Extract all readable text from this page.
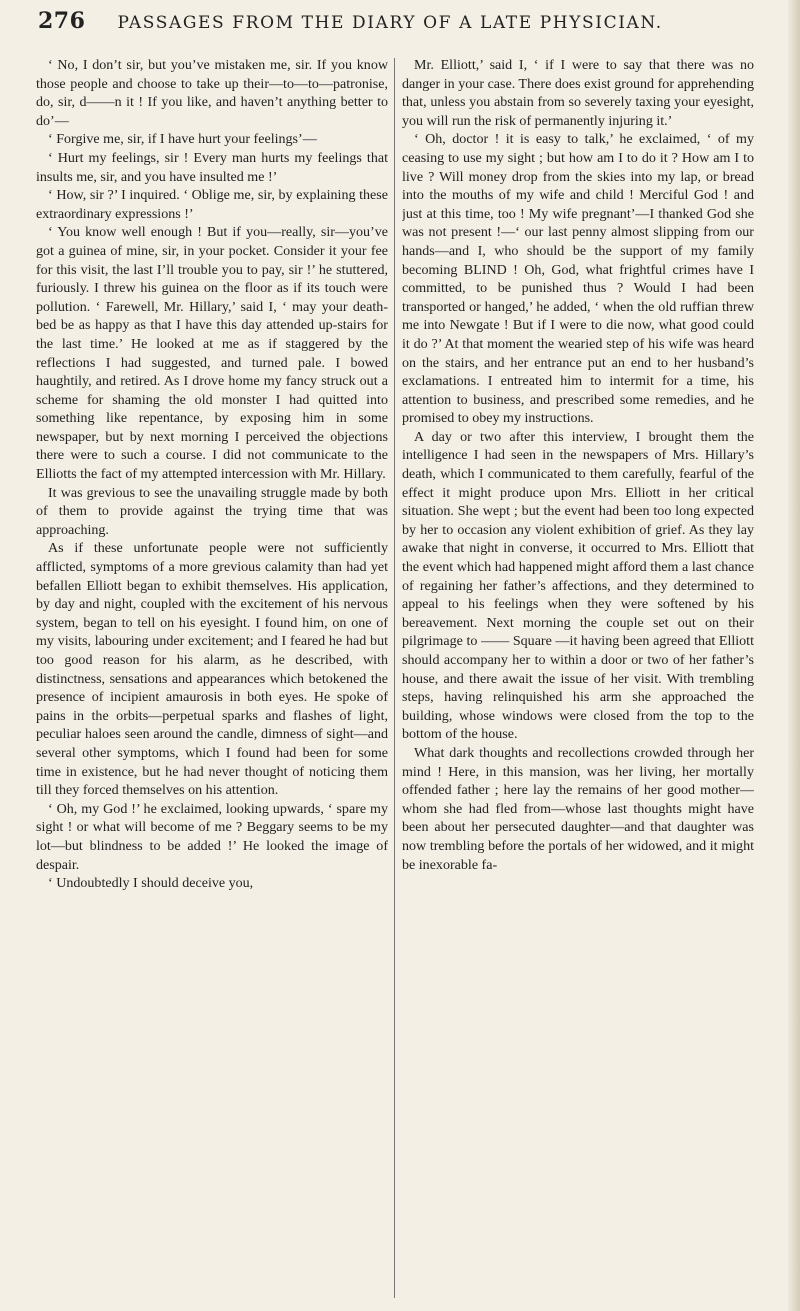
276 PASSAGES FROM THE DIARY OF A LATE PHYSICIAN.

‘ No, I don’t sir, but you’ve mistaken me, sir. If you know those people and choose to take up their—to—to—patronise, do, sir, d——n it ! If you like, and haven’t anything better to do’—

‘ Forgive me, sir, if I have hurt your feelings’—

‘ Hurt my feelings, sir ! Every man hurts my feelings that insults me, sir, and you have insulted me !’

‘ How, sir ?’ I inquired. ‘ Oblige me, sir, by explaining these extraordinary expressions !’

‘ You know well enough ! But if you—really, sir—you’ve got a guinea of mine, sir, in your pocket. Consider it your fee for this visit, the last I’ll trouble you to pay, sir !’ he stuttered, furiously. I threw his guinea on the floor as if its touch were pollution. ‘ Farewell, Mr. Hillary,’ said I, ‘ may your death-bed be as happy as that I have this day attended up-stairs for the last time.’ He looked at me as if staggered by the reflections I had suggested, and turned pale. I bowed haughtily, and retired. As I drove home my fancy struck out a scheme for shaming the old monster I had quitted into something like repentance, by exposing him in some newspaper, but by next morning I perceived the objections there were to such a course. I did not communicate to the Elliotts the fact of my attempted intercession with Mr. Hillary.

It was grevious to see the unavailing struggle made by both of them to provide against the trying time that was approaching.

As if these unfortunate people were not sufficiently afflicted, symptoms of a more grevious calamity than had yet befallen Elliott began to exhibit themselves. His application, by day and night, coupled with the excitement of his nervous system, began to tell on his eyesight. I found him, on one of my visits, labouring under excitement; and I feared he had but too good reason for his alarm, as he described, with distinctness, sensations and appearances which betokened the presence of incipient amaurosis in both eyes. He spoke of pains in the orbits—perpetual sparks and flashes of light, peculiar haloes seen around the candle, dimness of sight—and several other symptoms, which I found had been for some time in existence, but he had never thought of noticing them till they forced themselves on his attention.

‘ Oh, my God !’ he exclaimed, looking upwards, ‘ spare my sight ! or what will become of me ? Beggary seems to be my lot—but blindness to be added !’ He looked the image of despair.

‘ Undoubtedly I should deceive you,

Mr. Elliott,’ said I, ‘ if I were to say that there was no danger in your case. There does exist ground for apprehending that, unless you abstain from so severely taxing your eyesight, you will run the risk of permanently injuring it.’

‘ Oh, doctor ! it is easy to talk,’ he exclaimed, ‘ of my ceasing to use my sight ; but how am I to do it ? How am I to live ? Will money drop from the skies into my lap, or bread into the mouths of my wife and child ! Merciful God ! and just at this time, too ! My wife pregnant’—I thanked God she was not present !—‘ our last penny almost slipping from our hands—and I, who should be the support of my family becoming BLIND ! Oh, God, what frightful crimes have I committed, to be punished thus ? Would I had been transported or hanged,’ he added, ‘ when the old ruffian threw me into Newgate ! But if I were to die now, what good could it do ?’ At that moment the wearied step of his wife was heard on the stairs, and her entrance put an end to her husband’s exclamations. I entreated him to intermit for a time, his attention to business, and prescribed some remedies, and he promised to obey my instructions.

A day or two after this interview, I brought them the intelligence I had seen in the newspapers of Mrs. Hillary’s death, which I communicated to them carefully, fearful of the effect it might produce upon Mrs. Elliott in her critical situation. She wept ; but the event had been too long expected by her to occasion any violent exhibition of grief. As they lay awake that night in converse, it occurred to Mrs. Elliott that the event which had happened might afford them a last chance of regaining her father’s affections, and they determined to appeal to his feelings when they were softened by his bereavement. Next morning the couple set out on their pilgrimage to —— Square —it having been agreed that Elliott should accompany her to within a door or two of her father’s house, and there await the issue of her visit. With trembling steps, having relinquished his arm she approached the building, whose windows were closed from the top to the bottom of the house.

What dark thoughts and recollections crowded through her mind ! Here, in this mansion, was her living, her mortally offended father ; here lay the remains of her good mother—whom she had fled from—whose last thoughts might have been about her persecuted daughter—and that daughter was now trembling before the portals of her widowed, and it might be inexorable fa-
